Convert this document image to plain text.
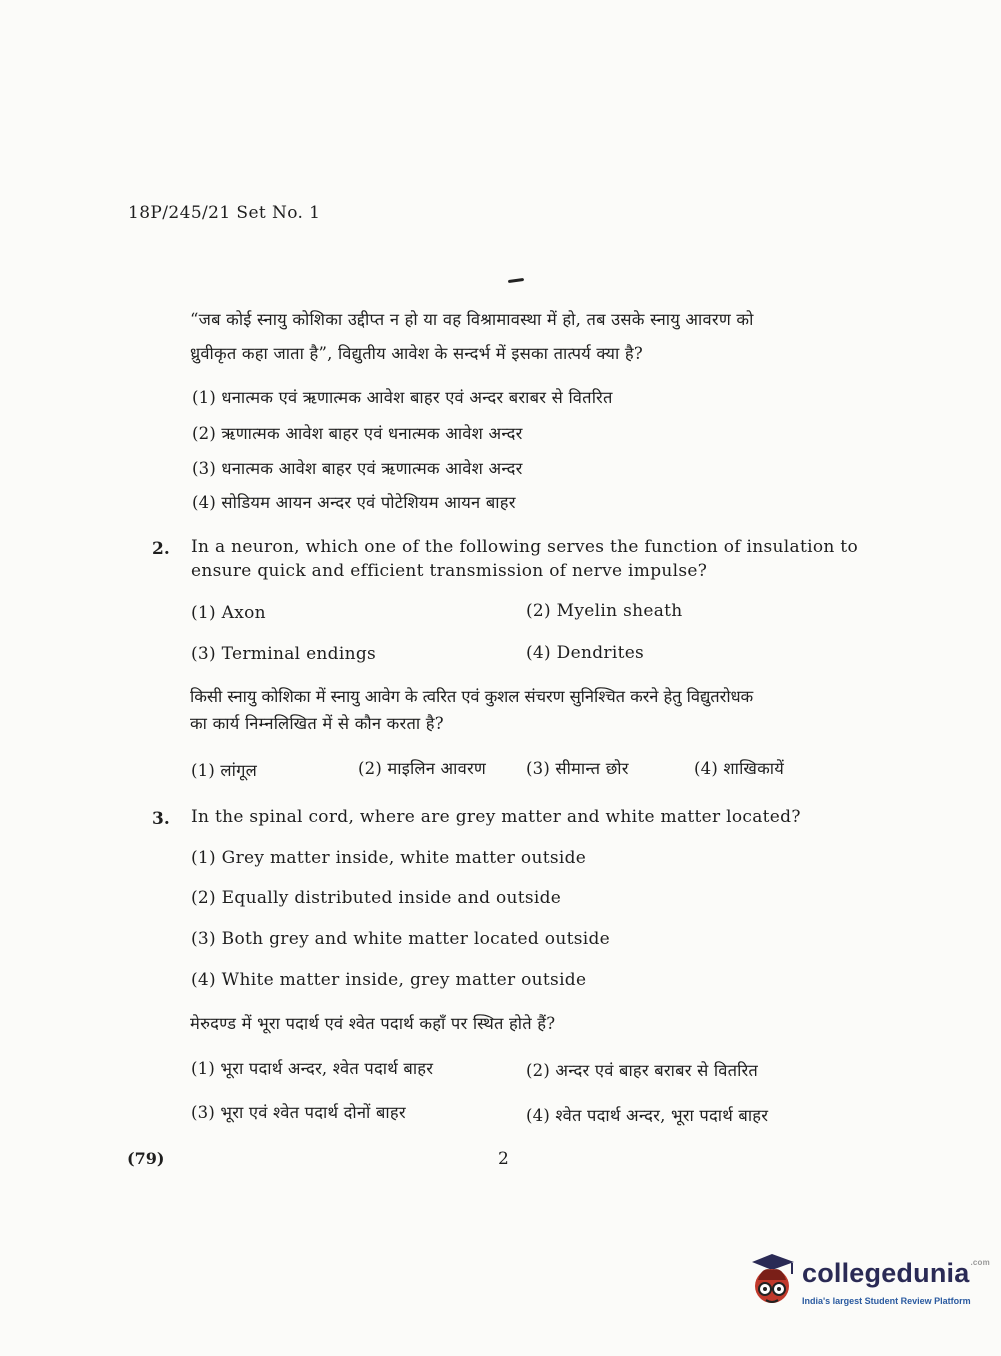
18P/245/21 Set No. 1
“जब कोई स्नायु कोशिका उद्दीप्त न हो या वह विश्रामावस्था में हो, तब उसके स्नायु आवरण को
ध्रुवीकृत कहा जाता है”, विद्युतीय आवेश के सन्दर्भ में इसका तात्पर्य क्या है?
(1) धनात्मक एवं ऋणात्मक आवेश बाहर एवं अन्दर बराबर से वितरित
(2) ऋणात्मक आवेश बाहर एवं धनात्मक आवेश अन्दर
(3) धनात्मक आवेश बाहर एवं ऋणात्मक आवेश अन्दर
(4) सोडियम आयन अन्दर एवं पोटेशियम आयन बाहर
2. In a neuron, which one of the following serves the function of insulation to
ensure quick and efficient transmission of nerve impulse?
(1) Axon	(2) Myelin sheath
(3) Terminal endings	(4) Dendrites
किसी स्नायु कोशिका में स्नायु आवेग के त्वरित एवं कुशल संचरण सुनिश्चित करने हेतु विद्युतरोधक
का कार्य निम्नलिखित में से कौन करता है?
(1) लांगूल	(2) माइलिन आवरण (3) सीमान्त छोर	(4) शाखिकायें
3. In the spinal cord, where are grey matter and white matter located?
(1) Grey matter inside, white matter outside
(2) Equally distributed inside and outside
(3) Both grey and white matter located outside
(4) White matter inside, grey matter outside
मेरुदण्ड में भूरा पदार्थ एवं श्वेत पदार्थ कहाँ पर स्थित होते हैं?
(1) भूरा पदार्थ अन्दर, श्वेत पदार्थ बाहर	(2) अन्दर एवं बाहर बराबर से वितरित
(3) भूरा एवं श्वेत पदार्थ दोनों बाहर	(4) श्वेत पदार्थ अन्दर, भूरा पदार्थ बाहर
(79)	2
collegedunia$^{.com}$
India's largest Student Review Platform
